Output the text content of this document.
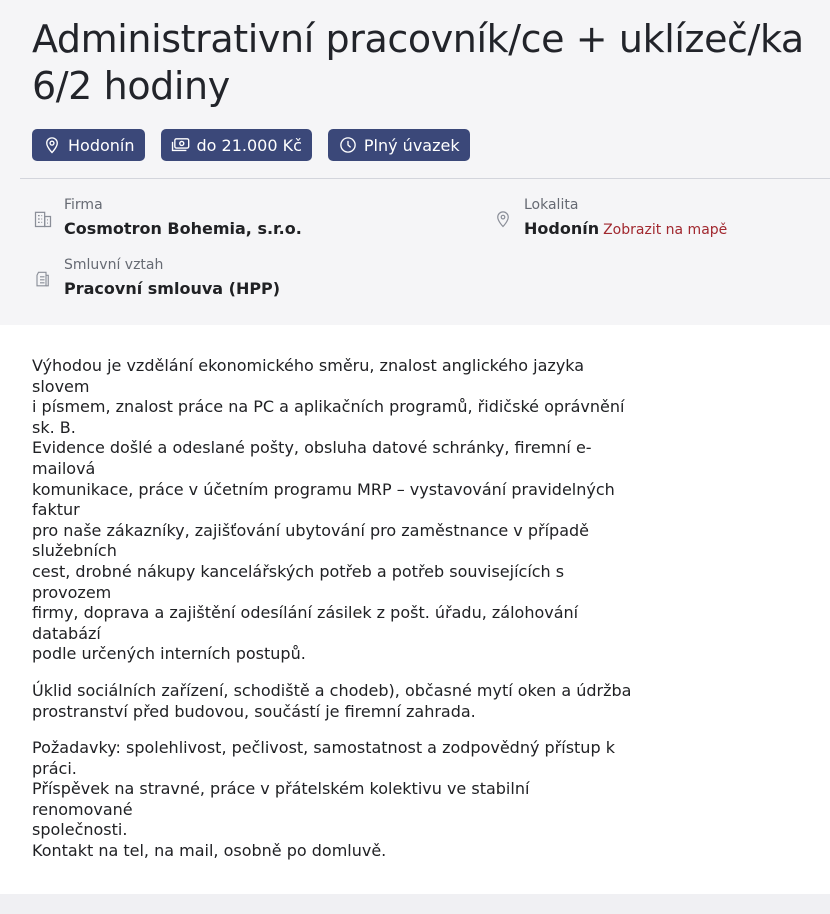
Administrativní pracovník/ce + uklízeč/ka 6/2 hodiny
Hodonín	do 21.000 Kč	Plný úvazek
Firma
Cosmotron Bohemia, s.r.o.
Lokalita
Hodonín Zobrazit na mapě
Smluvní vztah
Pracovní smlouva (HPP)

Výhodou je vzdělání ekonomického směru, znalost anglického jazyka slovem
i písmem, znalost práce na PC a aplikačních programů, řidičské oprávnění sk. B.
Evidence došlé a odeslané pošty, obsluha datové schránky, firemní e-mailová
komunikace, práce v účetním programu MRP – vystavování pravidelných faktur
pro naše zákazníky, zajišťování ubytování pro zaměstnance v případě služebních
cest, drobné nákupy kancelářských potřeb a potřeb souvisejících s provozem
firmy, doprava a zajištění odesílání zásilek z pošt. úřadu, zálohování databází
podle určených interních postupů.

Úklid sociálních zařízení, schodiště a chodeb), občasné mytí oken a údržba
prostranství před budovou, součástí je firemní zahrada.

Požadavky: spolehlivost, pečlivost, samostatnost a zodpovědný přístup k práci.
Příspěvek na stravné, práce v přátelském kolektivu ve stabilní renomované
společnosti.
Kontakt na tel, na mail, osobně po domluvě.
